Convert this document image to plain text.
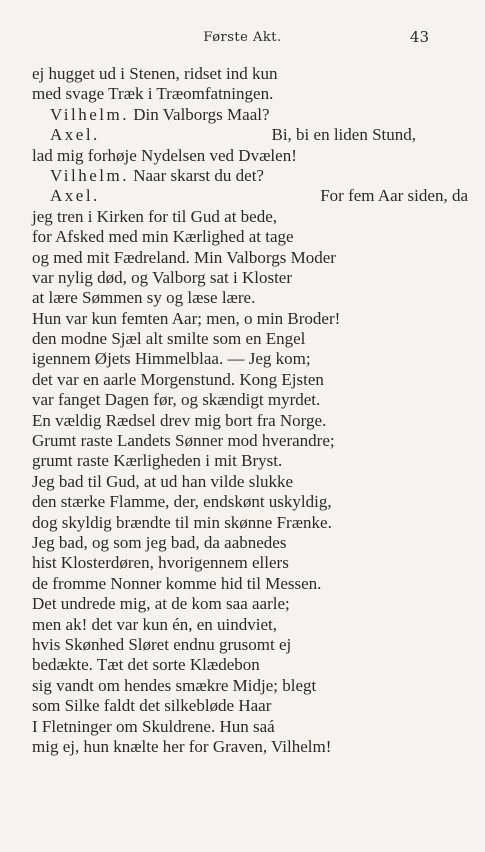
Første Akt.	43
ej hugget ud i Stenen, ridset ind kun
med svage Træk i Træomfatningen.
Vilhelm. Din Valborgs Maal?
Axel.	Bi, bi en liden Stund,
lad mig forhøje Nydelsen ved Dvælen!
Vilhelm. Naar skarst du det?
Axel.	For fem Aar siden, da
jeg tren i Kirken for til Gud at bede,
for Afsked med min Kærlighed at tage
og med mit Fædreland. Min Valborgs Moder
var nylig død, og Valborg sat i Kloster
at lære Sømmen sy og læse lære.
Hun var kun femten Aar; men, o min Broder!
den modne Sjæl alt smilte som en Engel
igennem Øjets Himmelblaa. — Jeg kom;
det var en aarle Morgenstund. Kong Ejsten
var fanget Dagen før, og skændigt myrdet.
En vældig Rædsel drev mig bort fra Norge.
Grumt raste Landets Sønner mod hverandre;
grumt raste Kærligheden i mit Bryst.
Jeg bad til Gud, at ud han vilde slukke
den stærke Flamme, der, endskønt uskyldig,
dog skyldig brændte til min skønne Frænke.
Jeg bad, og som jeg bad, da aabnedes
hist Klosterdøren, hvorigennem ellers
de fromme Nonner komme hid til Messen.
Det undrede mig, at de kom saa aarle;
men ak! det var kun én, en uindviet,
hvis Skønhed Sløret endnu grusomt ej
bedækte. Tæt det sorte Klædebon
sig vandt om hendes smækre Midje; blegt
som Silke faldt det silkebløde Haar
I Fletninger om Skuldrene. Hun saá
mig ej, hun knælte her for Graven, Vilhelm!
